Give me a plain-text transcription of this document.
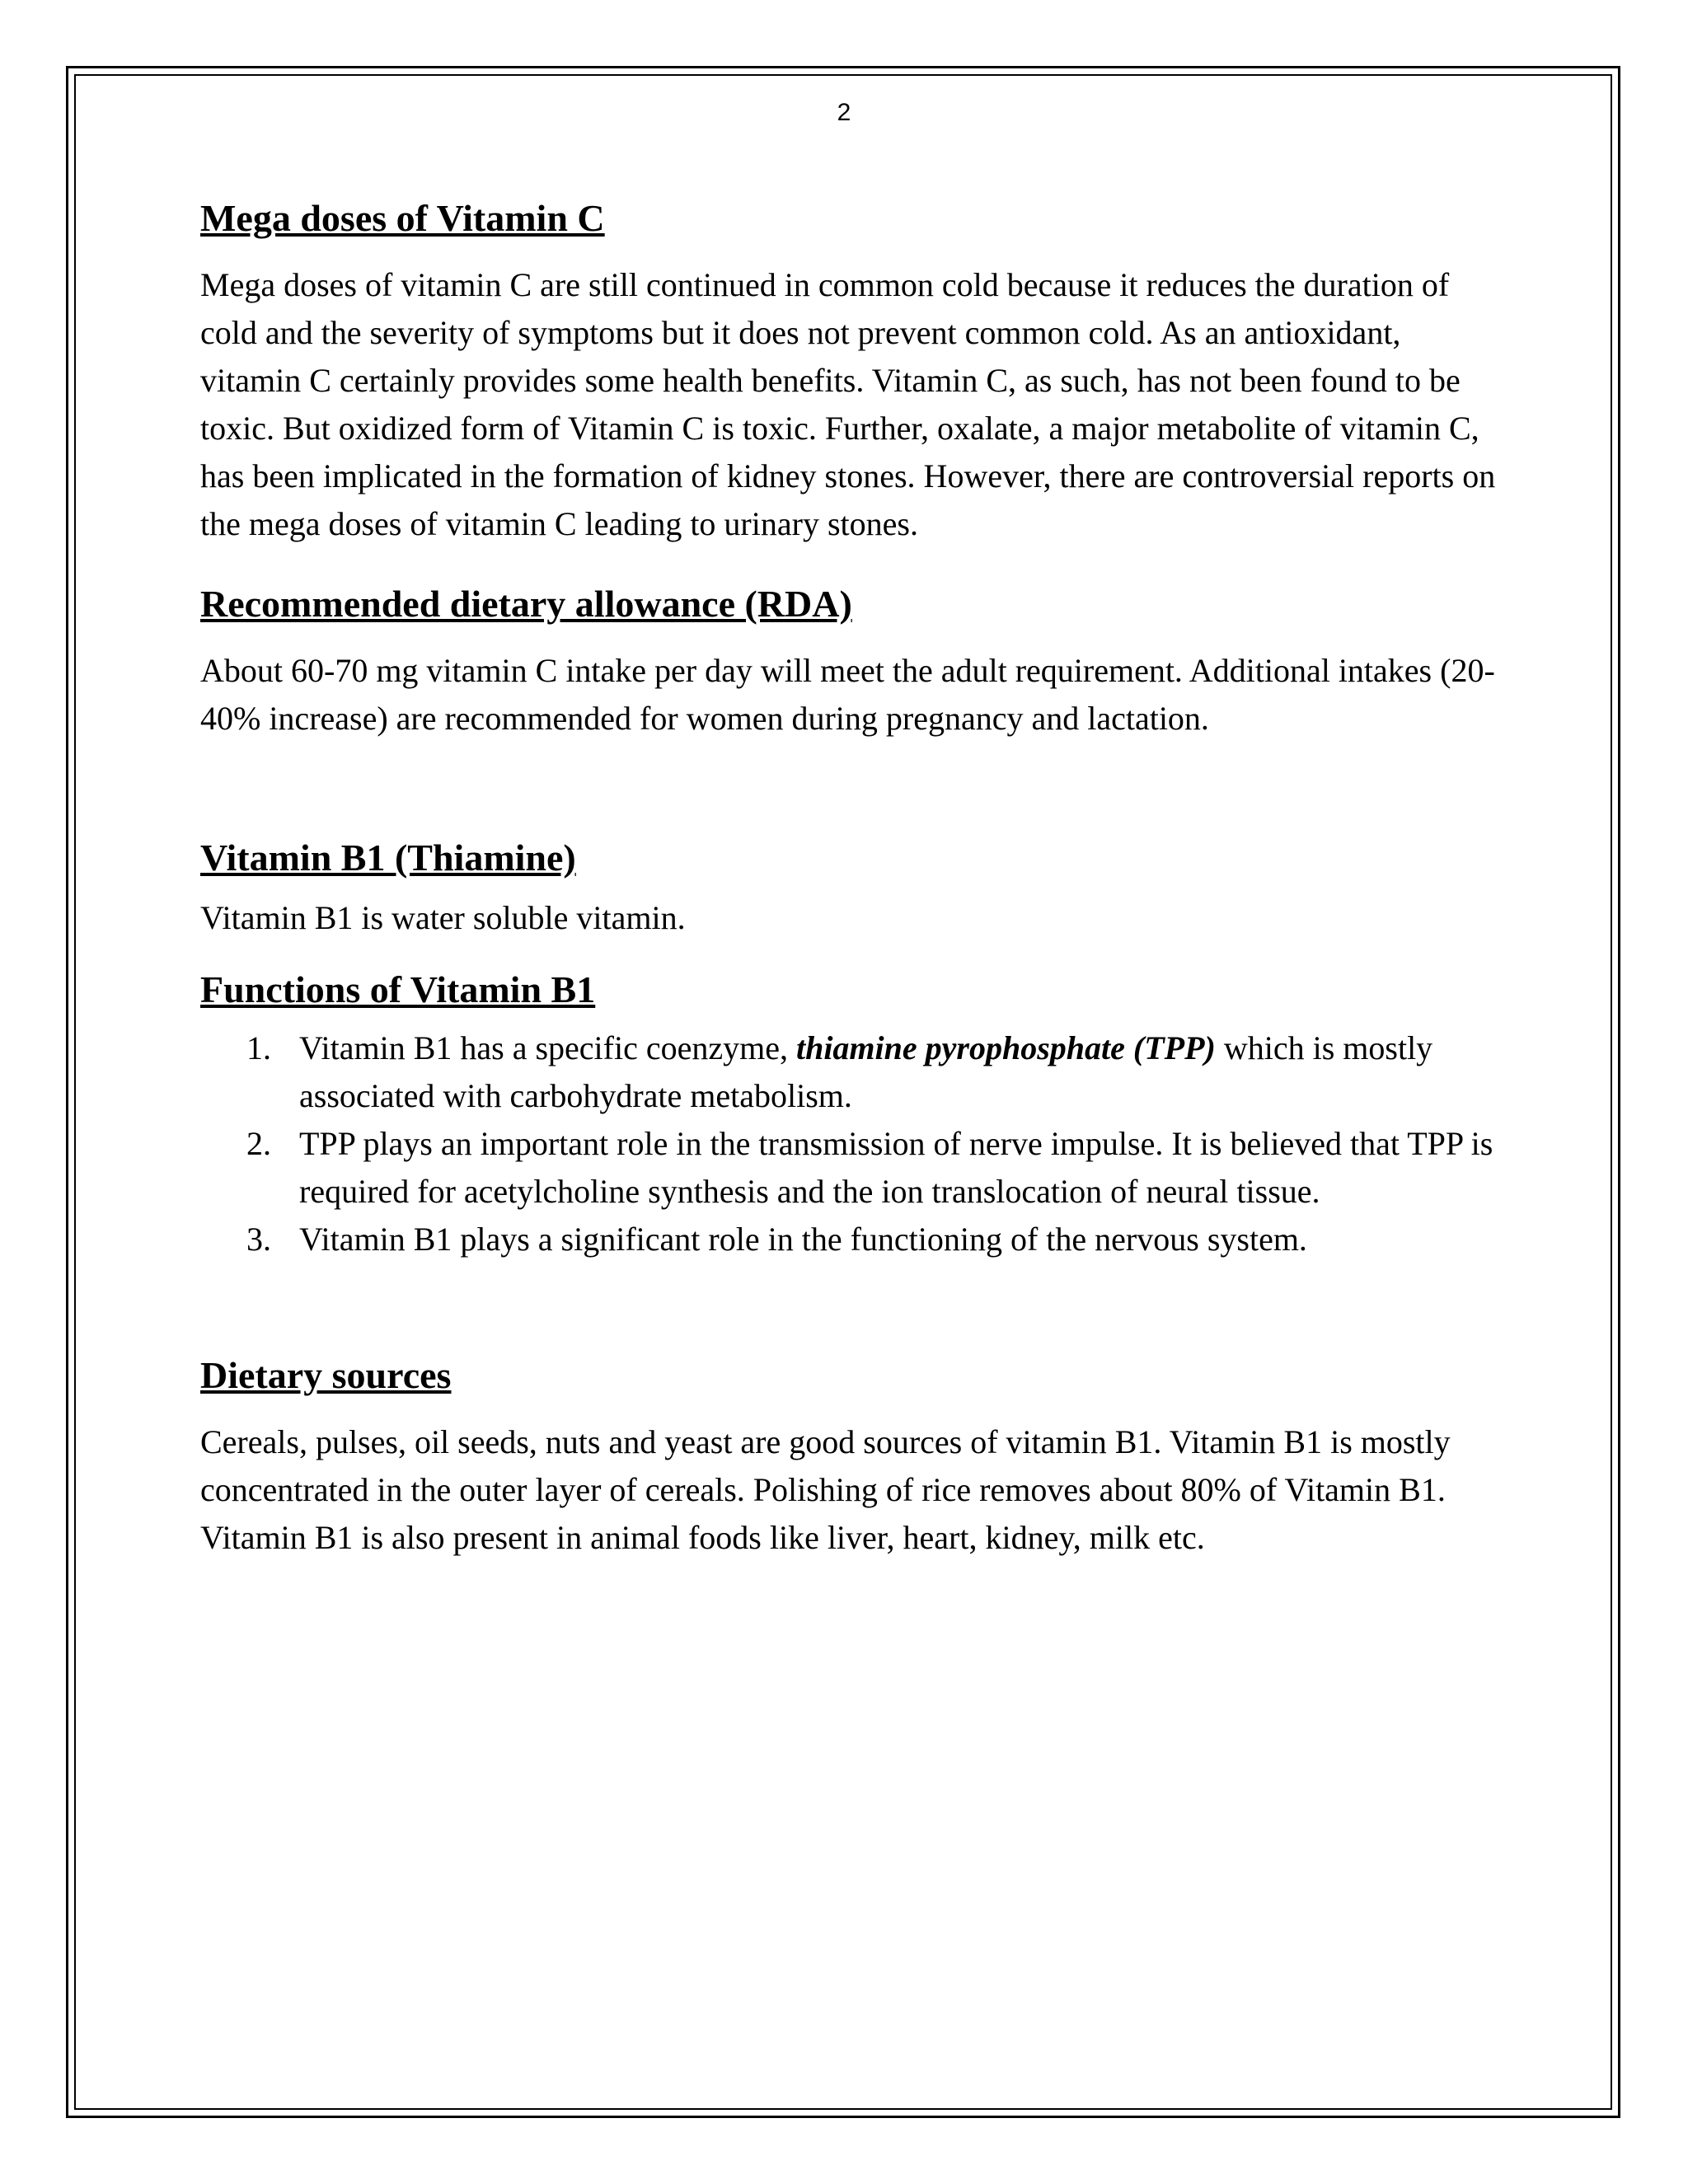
2
Mega doses of Vitamin C

Mega doses of vitamin C are still continued in common cold because it reduces the duration of cold and the severity of symptoms but it does not prevent common cold. As an antioxidant, vitamin C certainly provides some health benefits. Vitamin C, as such, has not been found to be toxic. But oxidized form of Vitamin C is toxic. Further, oxalate, a major metabolite of vitamin C, has been implicated in the formation of kidney stones. However, there are controversial reports on the mega doses of vitamin C leading to urinary stones.

Recommended dietary allowance (RDA)

About 60-70 mg vitamin C intake per day will meet the adult requirement. Additional intakes (20-40% increase) are recommended for women during pregnancy and lactation.

Vitamin B1 (Thiamine)

Vitamin B1 is water soluble vitamin.

Functions of Vitamin B1
1. Vitamin B1 has a specific coenzyme, thiamine pyrophosphate (TPP) which is mostly associated with carbohydrate metabolism.
2. TPP plays an important role in the transmission of nerve impulse. It is believed that TPP is required for acetylcholine synthesis and the ion translocation of neural tissue.
3. Vitamin B1 plays a significant role in the functioning of the nervous system.
Dietary sources

Cereals, pulses, oil seeds, nuts and yeast are good sources of vitamin B1. Vitamin B1 is mostly concentrated in the outer layer of cereals. Polishing of rice removes about 80% of Vitamin B1. Vitamin B1 is also present in animal foods like liver, heart, kidney, milk etc.
